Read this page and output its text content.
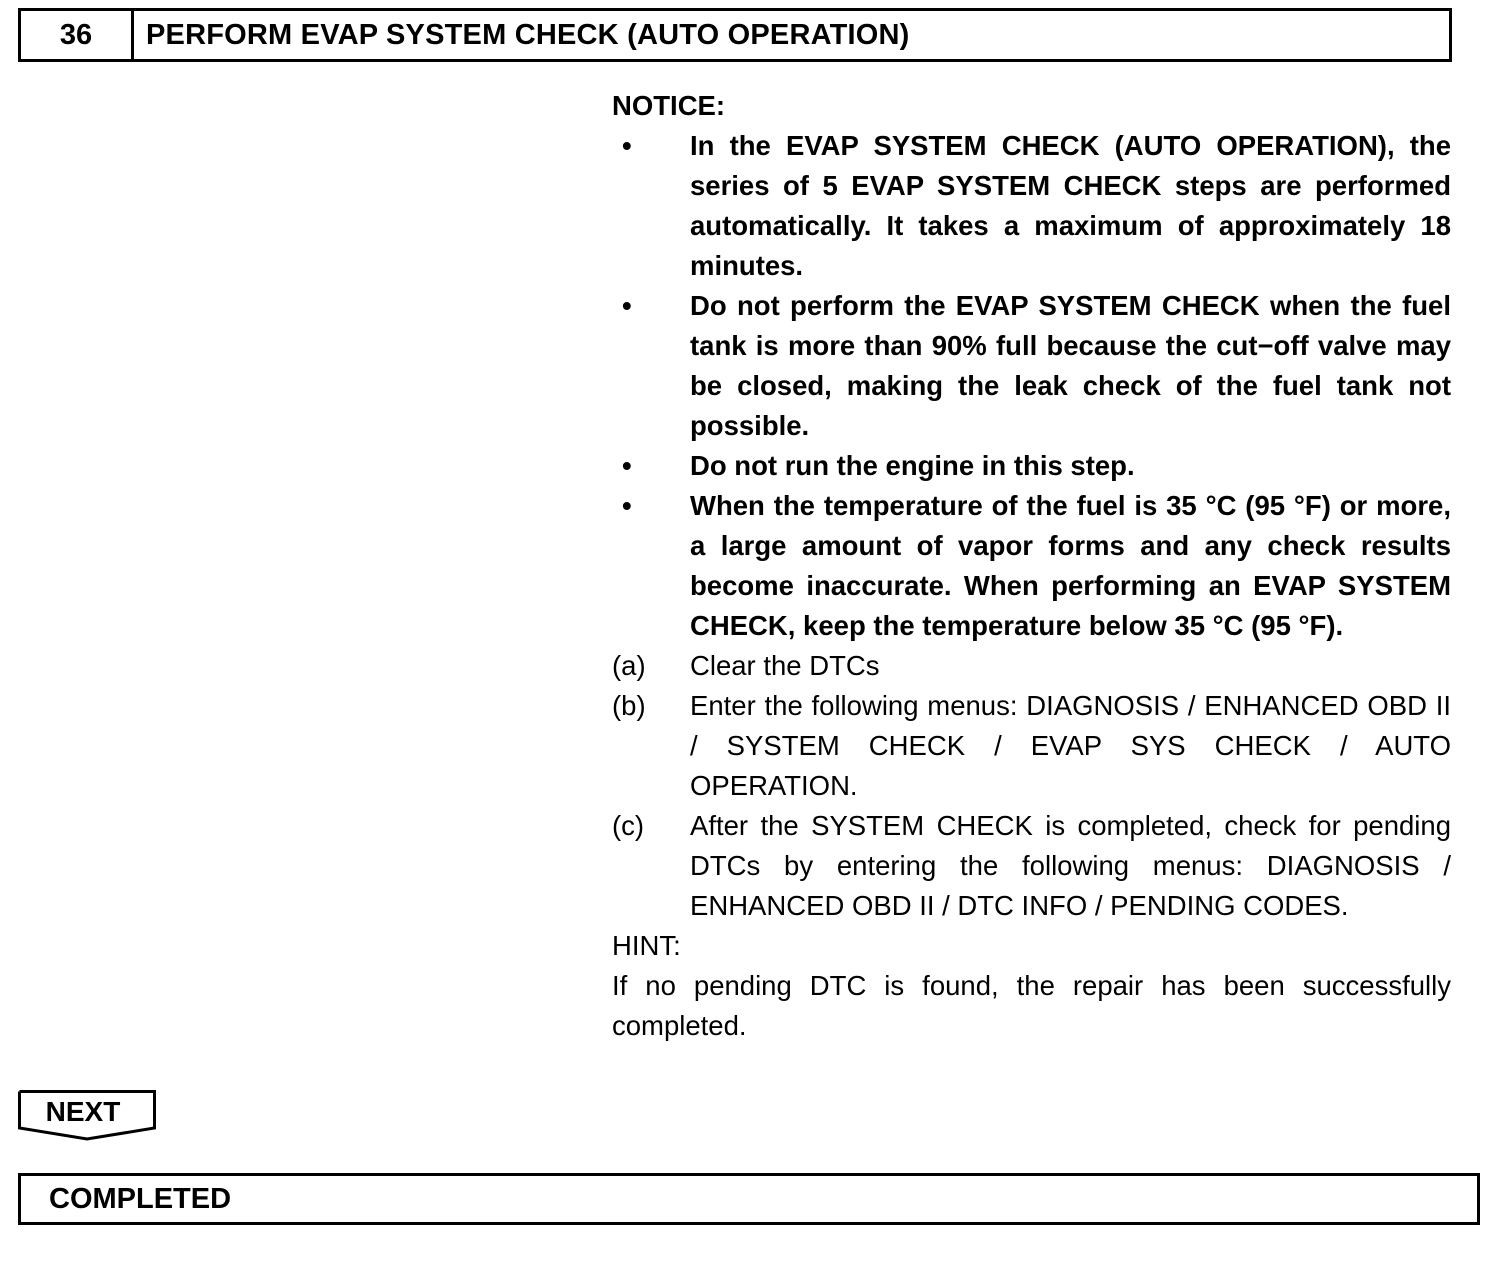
36	PERFORM EVAP SYSTEM CHECK (AUTO OPERATION)
NOTICE:
•	In the EVAP SYSTEM CHECK (AUTO OPERATION), the series of 5 EVAP SYSTEM CHECK steps are performed automatically. It takes a maximum of approximately 18 minutes.
•	Do not perform the EVAP SYSTEM CHECK when the fuel tank is more than 90% full because the cut−off valve may be closed, making the leak check of the fuel tank not possible.
•	Do not run the engine in this step.
•	When the temperature of the fuel is 35 °C (95 °F) or more, a large amount of vapor forms and any check results become inaccurate. When performing an EVAP SYSTEM CHECK, keep the temperature below 35 °C (95 °F).
(a)	Clear the DTCs
(b)	Enter the following menus: DIAGNOSIS / ENHANCED OBD II / SYSTEM CHECK / EVAP SYS CHECK / AUTO OPERATION.
(c)	After the SYSTEM CHECK is completed, check for pending DTCs by entering the following menus: DIAGNOSIS / ENHANCED OBD II / DTC INFO / PENDING CODES.
HINT:
If no pending DTC is found, the repair has been successfully completed.
NEXT
COMPLETED
